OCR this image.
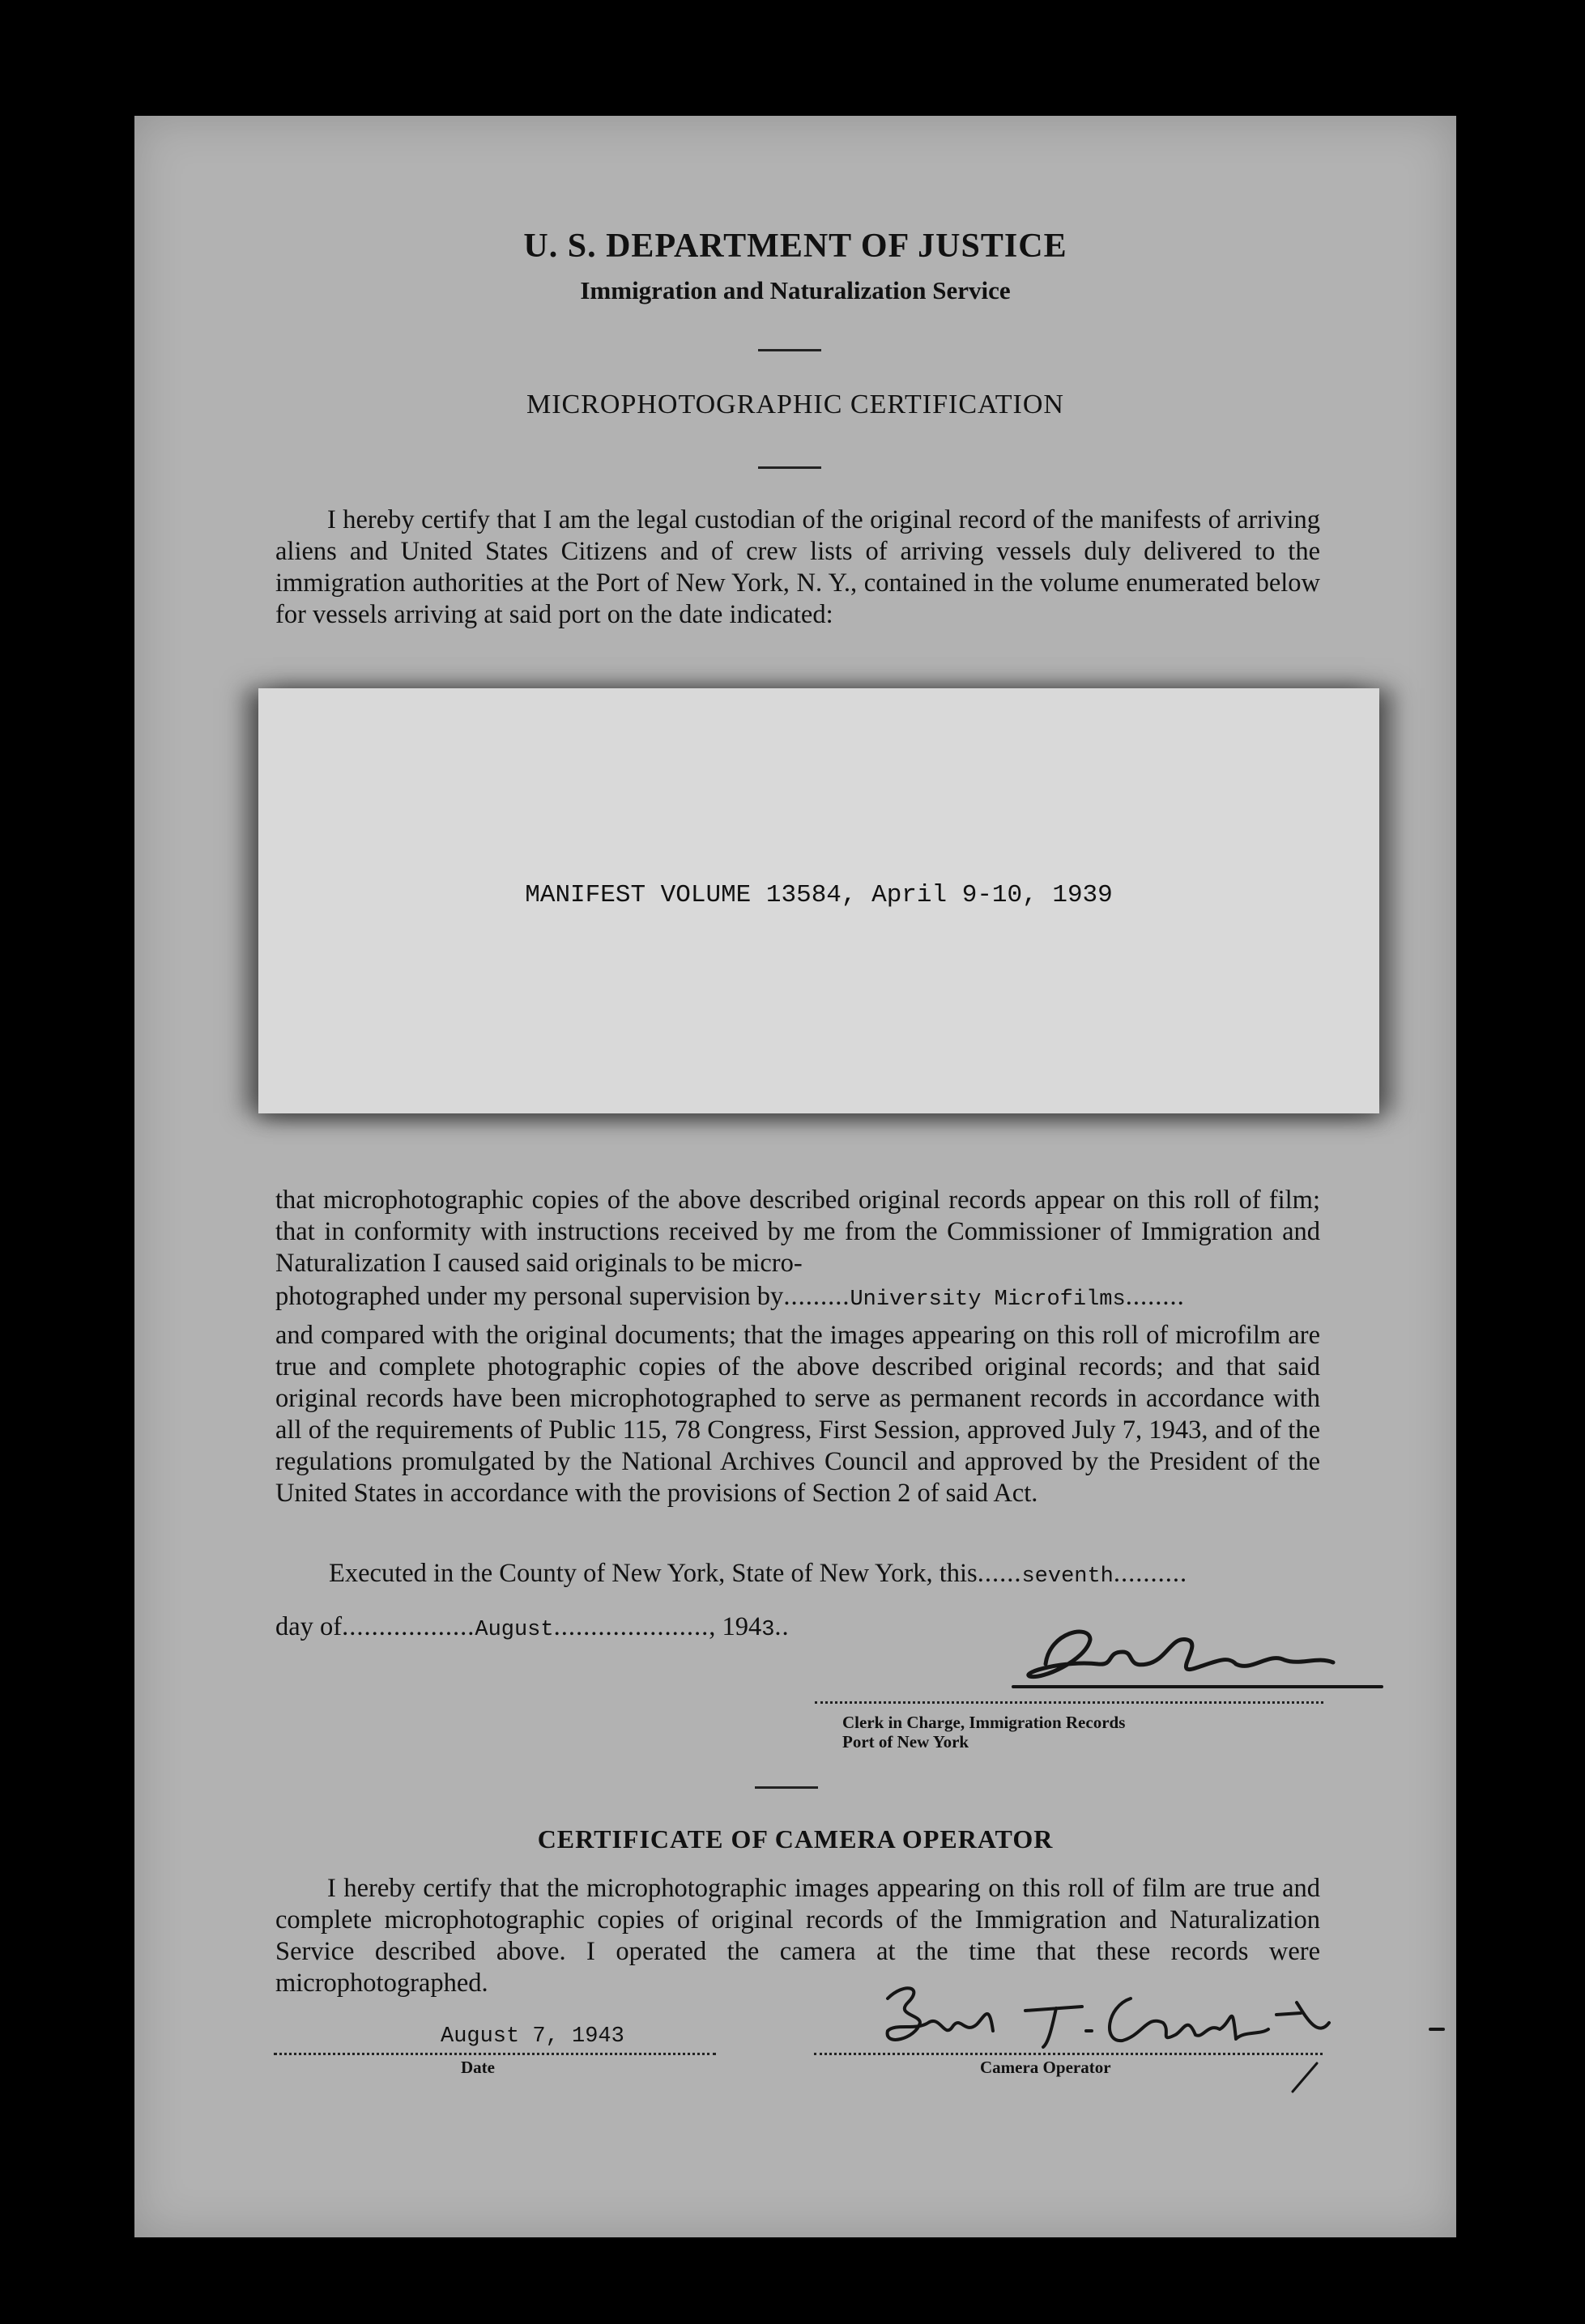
U. S. DEPARTMENT OF JUSTICE
Immigration and Naturalization Service
MICROPHOTOGRAPHIC CERTIFICATION
I hereby certify that I am the legal custodian of the original record of the manifests of arriving aliens and United States Citizens and of crew lists of arriving vessels duly delivered to the immigration authorities at the Port of New York, N. Y., contained in the volume enumerated below for vessels arriving at said port on the date indicated:
MANIFEST VOLUME 13584, April 9-10, 1939
that microphotographic copies of the above described original records appear on this roll of film; that in conformity with instructions received by me from the Commissioner of Immigration and Naturalization I caused said originals to be micro-
photographed under my personal supervision by.........University Microfilms........
and compared with the original documents; that the images appearing on this roll of microfilm are true and complete photographic copies of the above described original records; and that said original records have been microphotographed to serve as permanent records in accordance with all of the requirements of Public 115, 78 Congress, First Session, approved July 7, 1943, and of the regulations promulgated by the National Archives Council and approved by the President of the United States in accordance with the provisions of Section 2 of said Act.
Executed in the County of New York, State of New York, this......seventh..........
day of..................August....................., 1943..
Clerk in Charge, Immigration Records
Port of New York
CERTIFICATE OF CAMERA OPERATOR
I hereby certify that the microphotographic images appearing on this roll of film are true and complete microphotographic copies of original records of the Immigration and Naturalization Service described above. I operated the camera at the time that these records were microphotographed.
August 7, 1943
Date	Camera Operator
